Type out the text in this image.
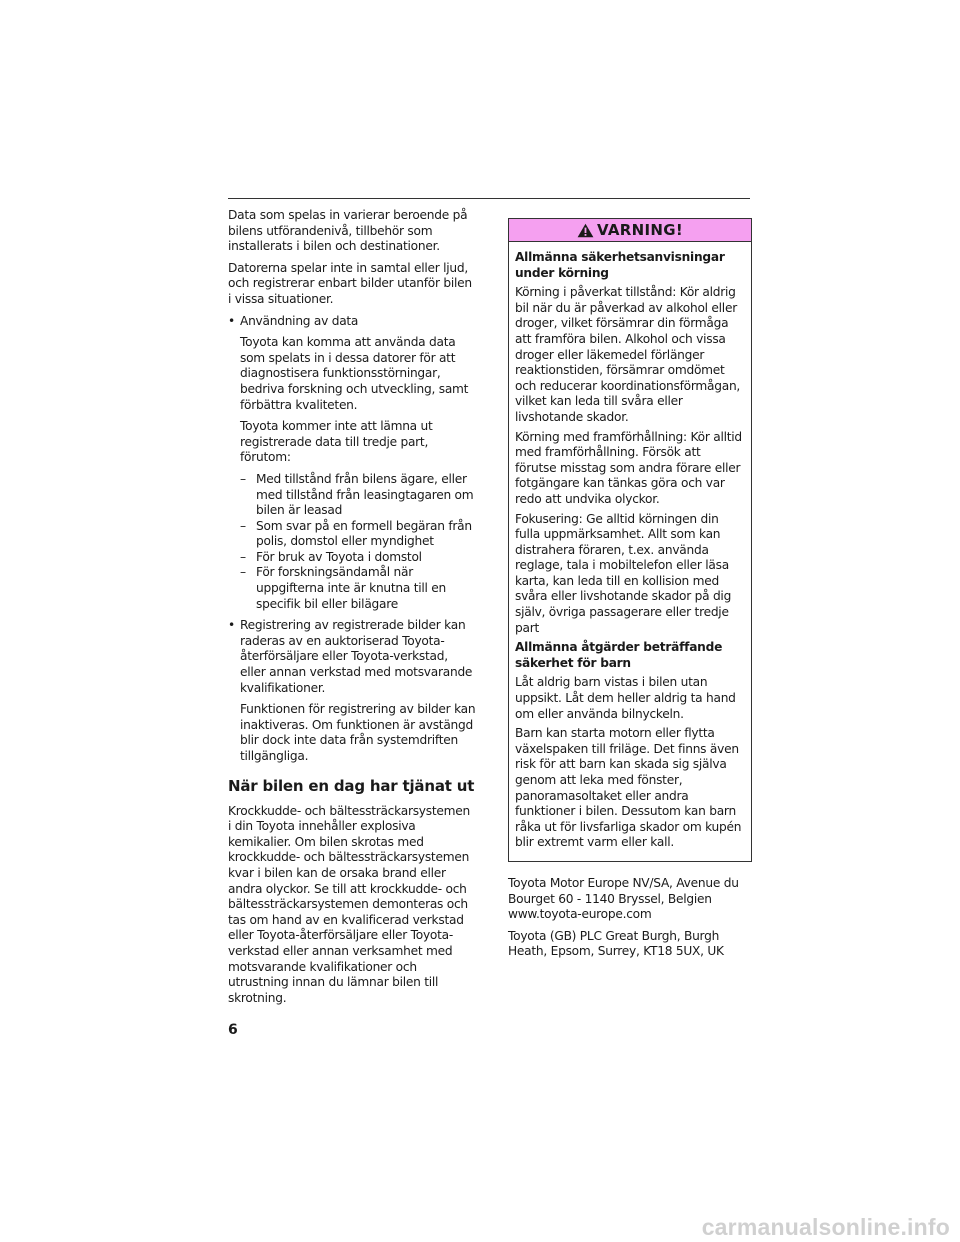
Data som spelas in varierar beroende på bilens utförandenivå, tillbehör som installerats i bilen och destinationer.

Datorerna spelar inte in samtal eller ljud, och registrerar enbart bilder utanför bilen i vissa situationer.

• Användning av data

Toyota kan komma att använda data som spelats in i dessa datorer för att diagnostisera funktionsstörningar, bedriva forskning och utveckling, samt förbättra kvaliteten.

Toyota kommer inte att lämna ut registrerade data till tredje part, förutom:

– Med tillstånd från bilens ägare, eller med tillstånd från leasingtagaren om bilen är leasad
– Som svar på en formell begäran från polis, domstol eller myndighet
– För bruk av Toyota i domstol
– För forskningsändamål när uppgifterna inte är knutna till en specifik bil eller bilägare
• Registrering av registrerade bilder kan raderas av en auktoriserad Toyota-återförsäljare eller Toyota-verkstad, eller annan verkstad med motsvarande kvalifikationer.

Funktionen för registrering av bilder kan inaktiveras. Om funktionen är avstängd blir dock inte data från systemdriften tillgängliga.

När bilen en dag har tjänat ut

Krockkudde- och bältessträckarsystemen i din Toyota innehåller explosiva kemikalier. Om bilen skrotas med krockkudde- och bältessträckarsystemen kvar i bilen kan de orsaka brand eller andra olyckor. Se till att krockkudde- och bältessträckarsystemen demonteras och tas om hand av en kvalificerad verkstad eller Toyota-återförsäljare eller Toyota-verkstad eller annan verksamhet med motsvarande kvalifikationer och utrustning innan du lämnar bilen till skrotning.

VARNING!

Allmänna säkerhetsanvisningar under körning

Körning i påverkat tillstånd: Kör aldrig bil när du är påverkad av alkohol eller droger, vilket försämrar din förmåga att framföra bilen. Alkohol och vissa droger eller läkemedel förlänger reaktionstiden, försämrar omdömet och reducerar koordinationsförmågan, vilket kan leda till svåra eller livshotande skador.

Körning med framförhållning: Kör alltid med framförhållning. Försök att förutse misstag som andra förare eller fotgängare kan tänkas göra och var redo att undvika olyckor.

Fokusering: Ge alltid körningen din fulla uppmärksamhet. Allt som kan distrahera föraren, t.ex. använda reglage, tala i mobiltelefon eller läsa karta, kan leda till en kollision med svåra eller livshotande skador på dig själv, övriga passagerare eller tredje part

Allmänna åtgärder beträffande säkerhet för barn

Låt aldrig barn vistas i bilen utan uppsikt. Låt dem heller aldrig ta hand om eller använda bilnyckeln.

Barn kan starta motorn eller flytta växelspaken till friläge. Det finns även risk för att barn kan skada sig själva genom att leka med fönster, panoramasoltaket eller andra funktioner i bilen. Dessutom kan barn råka ut för livsfarliga skador om kupén blir extremt varm eller kall.

Toyota Motor Europe NV/SA, Avenue du Bourget 60 - 1140 Bryssel, Belgien www.toyota-europe.com

Toyota (GB) PLC Great Burgh, Burgh Heath, Epsom, Surrey, KT18 5UX, UK

6
carmanualsonline.info
